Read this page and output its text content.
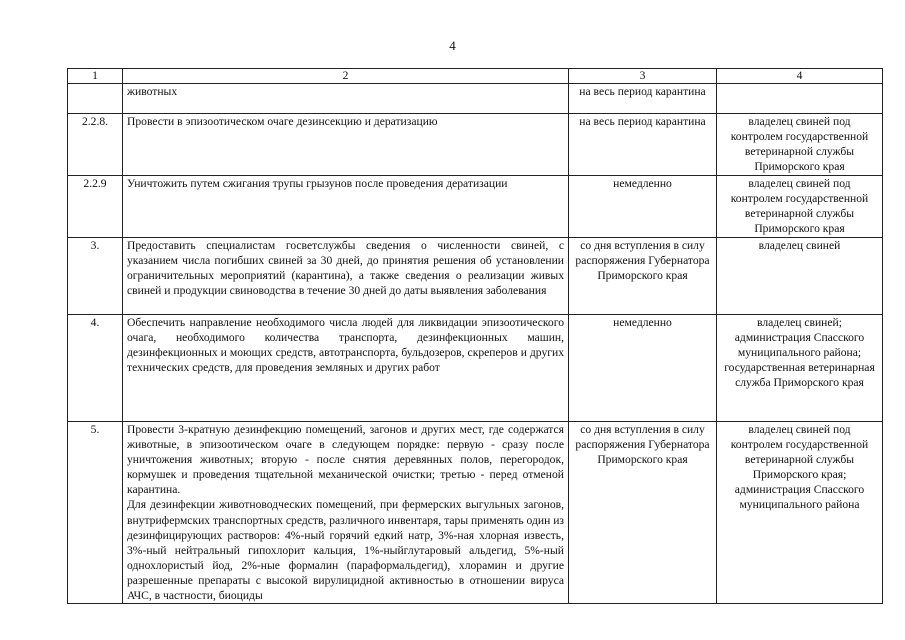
4
1	2	3	4

	животных	на весь период карантина	
2.2.8.	Провести в эпизоотическом очаге дезинсекцию и дератизацию	на весь период карантина	владелец свиней под контролем государственной ветеринарной службы Приморского края
2.2.9	Уничтожить путем сжигания трупы грызунов после проведения дератизации	немедленно	владелец свиней под контролем государственной ветеринарной службы Приморского края
3.	Предоставить специалистам госветслужбы сведения о численности свиней, с указанием числа погибших свиней за 30 дней, до принятия решения об установлении ограничительных мероприятий (карантина), а также сведения о реализации живых свиней и продукции свиноводства в течение 30 дней до даты выявления заболевания	со дня вступления в силу распоряжения Губернатора Приморского края	владелец свиней
4.	Обеспечить направление необходимого числа людей для ликвидации эпизоотического очага, необходимого количества транспорта, дезинфекционных машин, дезинфекционных и моющих средств, автотранспорта, бульдозеров, скреперов и других технических средств, для проведения земляных и других работ	немедленно	владелец свиней; администрация Спасского муниципального района; государственная ветеринарная служба Приморского края
5.	Провести 3-кратную дезинфекцию помещений, загонов и других мест, где содержатся животные, в эпизоотическом очаге в следующем порядке: первую - сразу после уничтожения животных; вторую - после снятия деревянных полов, перегородок, кормушек и проведения тщательной механической очистки; третью - перед отменой карантина.
Для дезинфекции животноводческих помещений, при фермерских выгульных загонов, внутрифермских транспортных средств, различного инвентаря, тары применять один из дезинфицирующих растворов: 4%-ный горячий едкий натр, 3%-ная хлорная известь, 3%-ный нейтральный гипохлорит кальция, 1%-ныйглутаровый альдегид, 5%-ный однохлористый йод, 2%-ные формалин (параформальдегид), хлорамин и другие разрешенные препараты с высокой вирулицидной активностью в отношении вируса АЧС, в частности, биоциды	со дня вступления в силу распоряжения Губернатора Приморского края	владелец свиней под контролем государственной ветеринарной службы Приморского края; администрация Спасского муниципального района
